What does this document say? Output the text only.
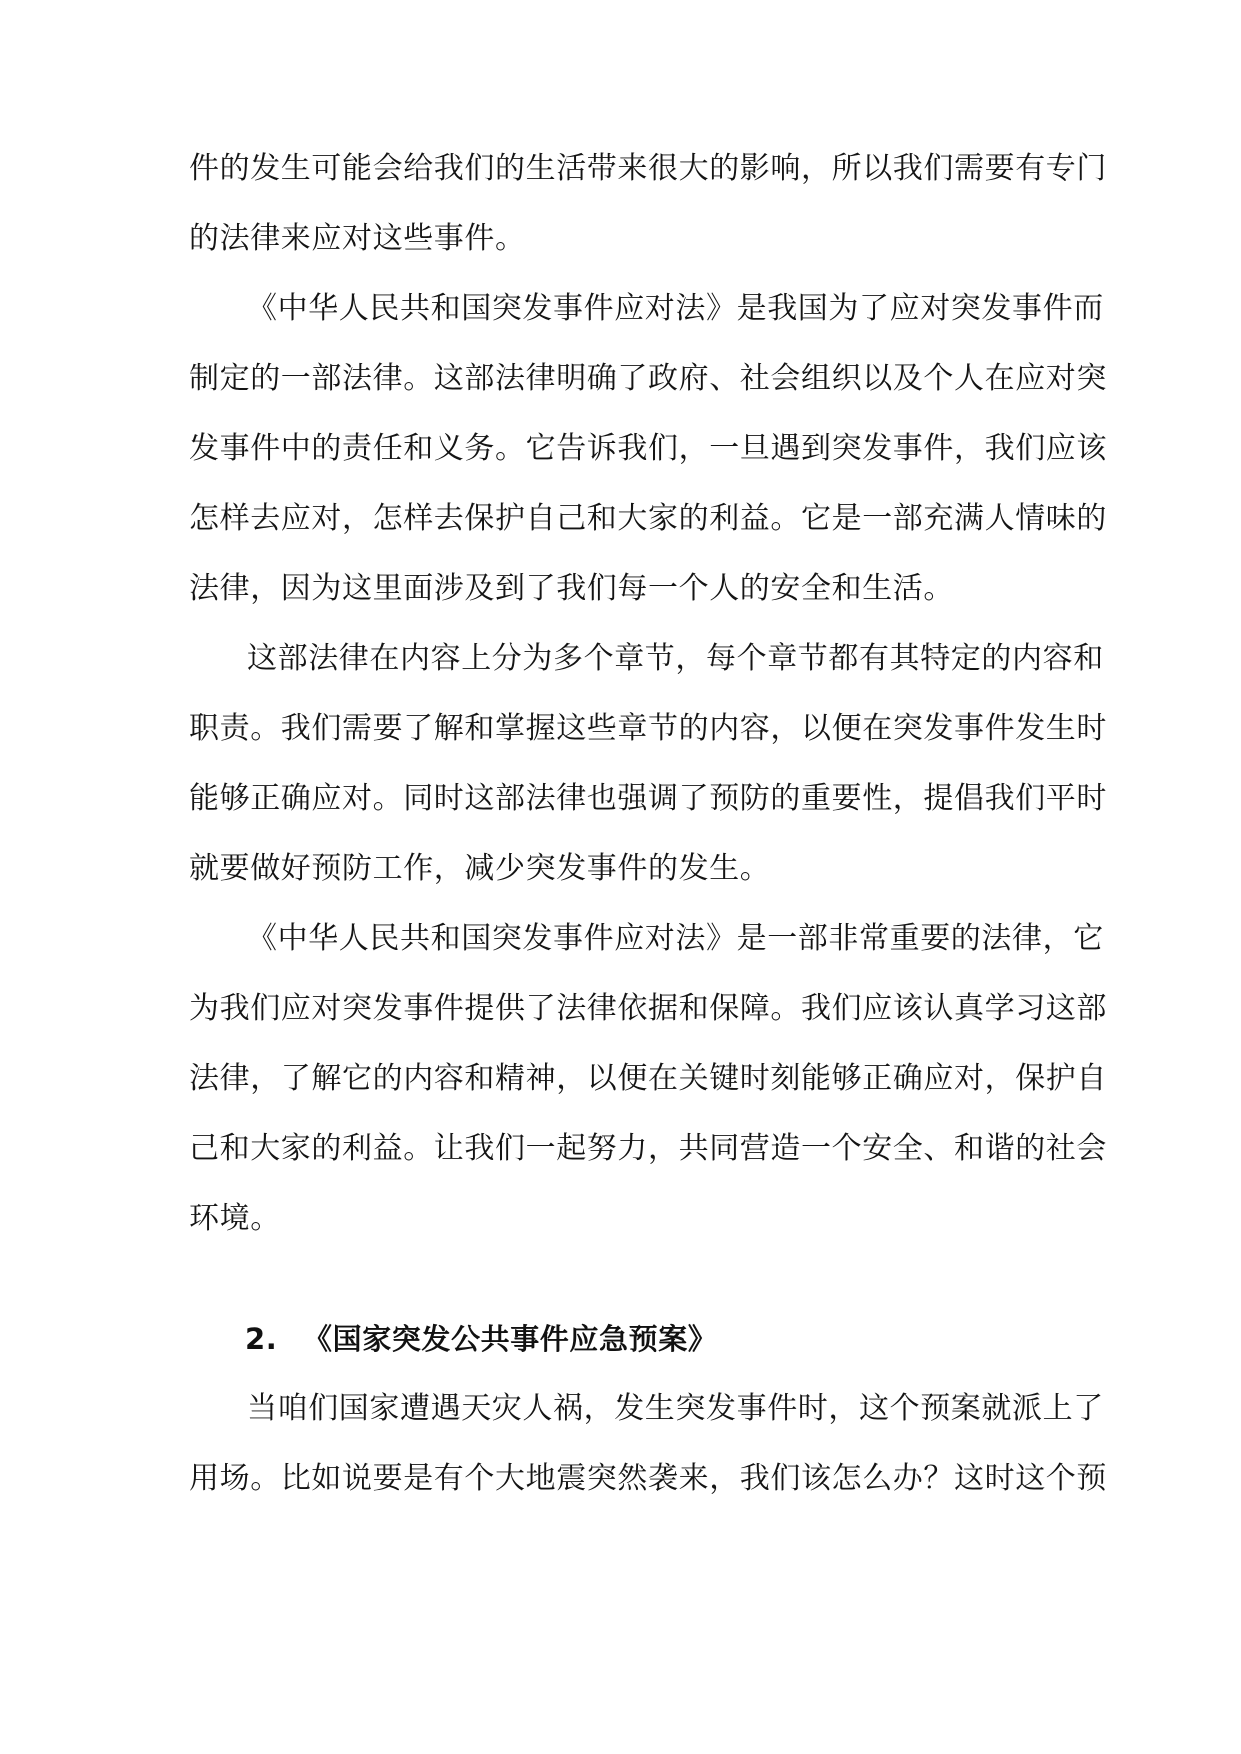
件的发生可能会给我们的生活带来很大的影响，所以我们需要有专门
的法律来应对这些事件。
《中华人民共和国突发事件应对法》是我国为了应对突发事件而
制定的一部法律。这部法律明确了政府、社会组织以及个人在应对突
发事件中的责任和义务。它告诉我们，一旦遇到突发事件，我们应该
怎样去应对，怎样去保护自己和大家的利益。它是一部充满人情味的
法律，因为这里面涉及到了我们每一个人的安全和生活。
这部法律在内容上分为多个章节，每个章节都有其特定的内容和
职责。我们需要了解和掌握这些章节的内容，以便在突发事件发生时
能够正确应对。同时这部法律也强调了预防的重要性，提倡我们平时
就要做好预防工作，减少突发事件的发生。
《中华人民共和国突发事件应对法》是一部非常重要的法律，它
为我们应对突发事件提供了法律依据和保障。我们应该认真学习这部
法律，了解它的内容和精神，以便在关键时刻能够正确应对，保护自
己和大家的利益。让我们一起努力，共同营造一个安全、和谐的社会
环境。
2. 《国家突发公共事件应急预案》
当咱们国家遭遇天灾人祸，发生突发事件时，这个预案就派上了
用场。比如说要是有个大地震突然袭来，我们该怎么办？这时这个预
